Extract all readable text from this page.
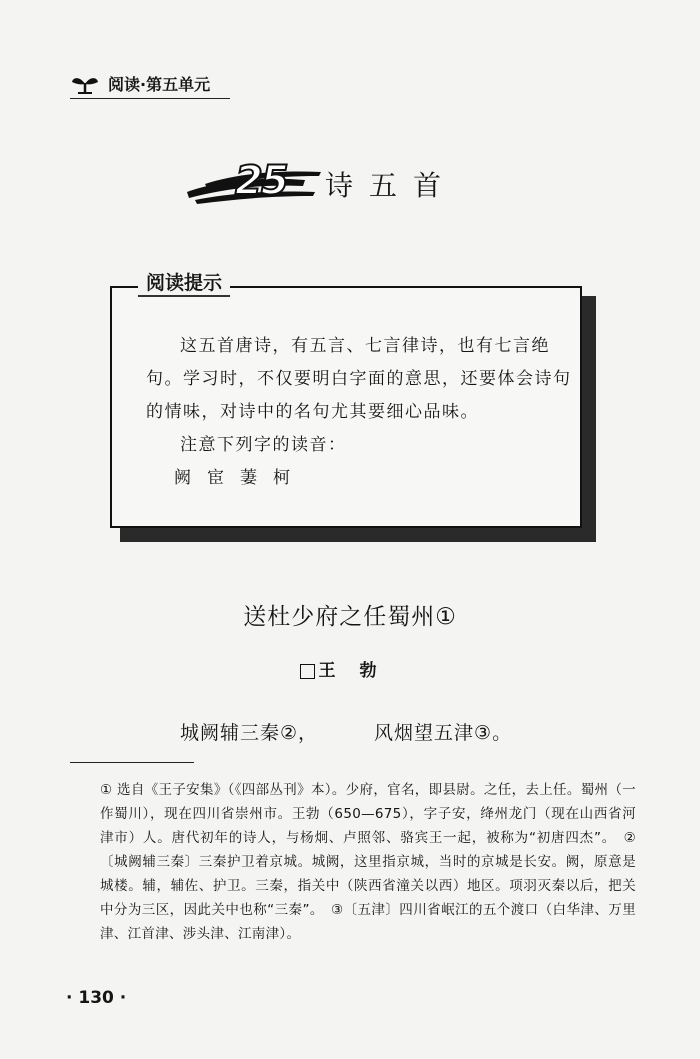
阅读·第五单元
25 诗五首
阅读提示

这五首唐诗，有五言、七言律诗，也有七言绝句。学习时，不仅要明白字面的意思，还要体会诗句的情味，对诗中的名句尤其要细心品味。

注意下列字的读音：

阙宦萋柯

送杜少府之任蜀州①
王勃
城阙辅三秦②，	风烟望五津③。
① 选自《王子安集》（《四部丛刊》本）。少府，官名，即县尉。之任，去上任。蜀州（一作蜀川），现在四川省崇州市。王勃（650—675），字子安，绛州龙门（现在山西省河津市）人。唐代初年的诗人，与杨炯、卢照邻、骆宾王一起，被称为“初唐四杰”。　②〔城阙辅三秦〕三秦护卫着京城。城阙，这里指京城，当时的京城是长安。阙，原意是城楼。辅，辅佐、护卫。三秦，指关中（陕西省潼关以西）地区。项羽灭秦以后，把关中分为三区，因此关中也称“三秦”。　③〔五津〕四川省岷江的五个渡口（白华津、万里津、江首津、涉头津、江南津）。
· 130 ·
